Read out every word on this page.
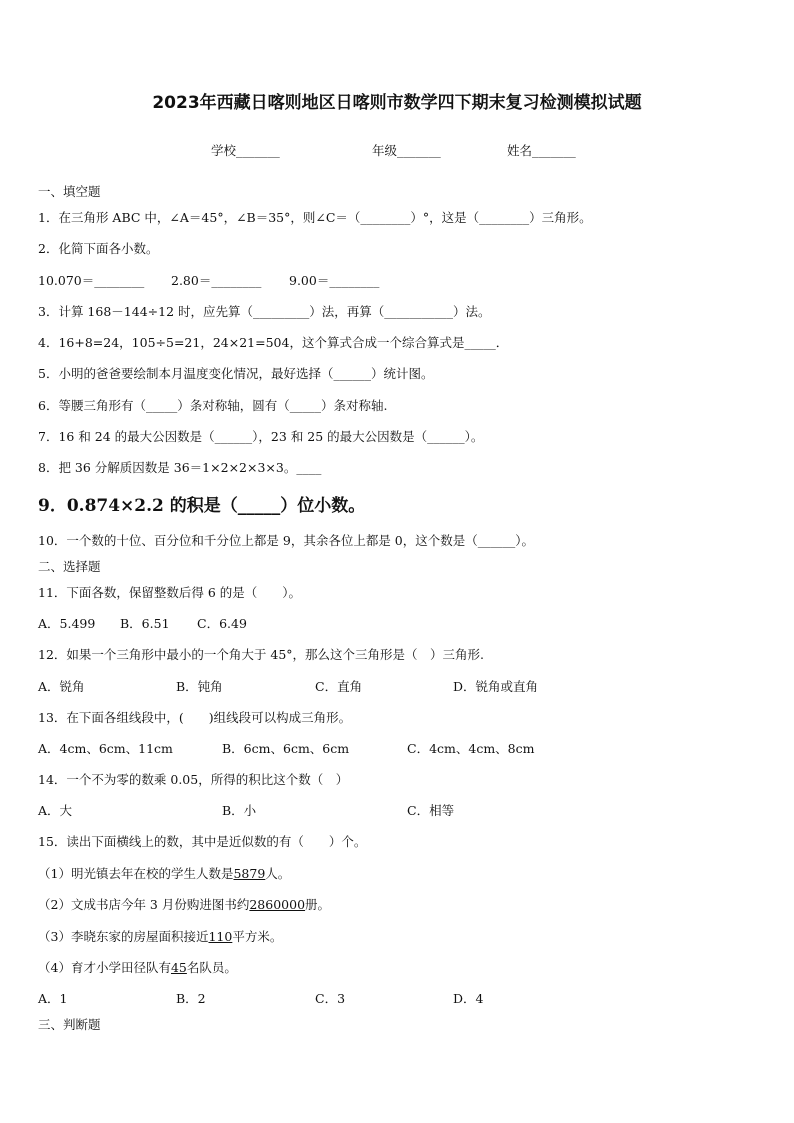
2023年西藏日喀则地区日喀则市数学四下期末复习检测模拟试题
学校_______	年级_______	姓名_______
一、填空题
1．在三角形 ABC 中，∠A＝45°，∠B＝35°，则∠C＝（________）°，这是（________）三角形。
2．化简下面各小数。
10.070＝________ 2.80＝________ 9.00＝________
3．计算 168－144÷12 时，应先算（_________）法，再算（___________）法。
4．16+8=24，105÷5=21，24×21=504，这个算式合成一个综合算式是_____．
5．小明的爸爸要绘制本月温度变化情况，最好选择（______）统计图。
6．等腰三角形有（_____）条对称轴，圆有（_____）条对称轴.
7．16 和 24 的最大公因数是（______），23 和 25 的最大公因数是（______）。
8．把 36 分解质因数是 36＝1×2×2×3×3。____
9．0.874×2.2 的积是（_____）位小数。
10．一个数的十位、百分位和千分位上都是 9，其余各位上都是 0，这个数是（______）。
二、选择题
11．下面各数，保留整数后得 6 的是（　　）。
A．5.499 B．6.51 C．6.49
12．如果一个三角形中最小的一个角大于 45°，那么这个三角形是（　）三角形.
A．锐角	B．钝角	C．直角	D．锐角或直角
13．在下面各组线段中，(　　)组线段可以构成三角形。
A．4cm、6cm、11cm	B．6cm、6cm、6cm	C．4cm、4cm、8cm
14．一个不为零的数乘 0.05，所得的积比这个数（　）
A．大	B．小	C．相等
15．读出下面横线上的数，其中是近似数的有（　　）个。
（1）明光镇去年在校的学生人数是5879人。
（2）文成书店今年 3 月份购进图书约2860000册。
（3）李晓东家的房屋面积接近110平方米。
（4）育才小学田径队有45名队员。
A．1	B．2	C．3	D．4
三、判断题
